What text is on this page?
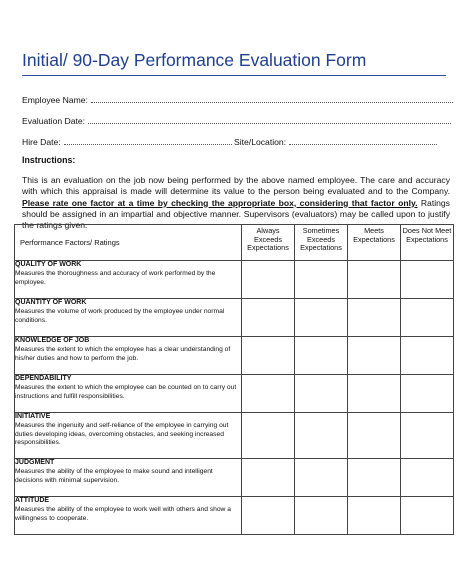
Initial/ 90-Day Performance Evaluation Form
Employee Name:
Evaluation Date:
Hire Date:	Site/Location:
Instructions:
This is an evaluation on the job now being performed by the above named employee. The care and accuracy with which this appraisal is made will determine its value to the person being evaluated and to the Company. Please rate one factor at a time by checking the appropriate box, considering that factor only. Ratings should be assigned in an impartial and objective manner. Supervisors (evaluators) may be called upon to justify the ratings given.
Performance Factors/ Ratings	Always Exceeds Expectations	Sometimes Exceeds Expectations	Meets Expectations	Does Not Meet Expectations

QUALITY OF WORK
Measures the thoroughness and accuracy of work performed by the employee.				

QUANTITY OF WORK
Measures the volume of work produced by the employee under normal conditions.				

KNOWLEDGE OF JOB
Measures the extent to which the employee has a clear understanding of his/her duties and how to perform the job.				

DEPENDABILITY
Measures the extent to which the employee can be counted on to carry out instructions and fulfill responsibilities.				

INITIATIVE
Measures the ingenuity and self-reliance of the employee in carrying out duties developing ideas, overcoming obstacles, and seeking increased responsibilities.				

JUDGMENT
Measures the ability of the employee to make sound and intelligent decisions with minimal supervision.				

ATTITUDE
Measures the ability of the employee to work well with others and show a willingness to cooperate.				
